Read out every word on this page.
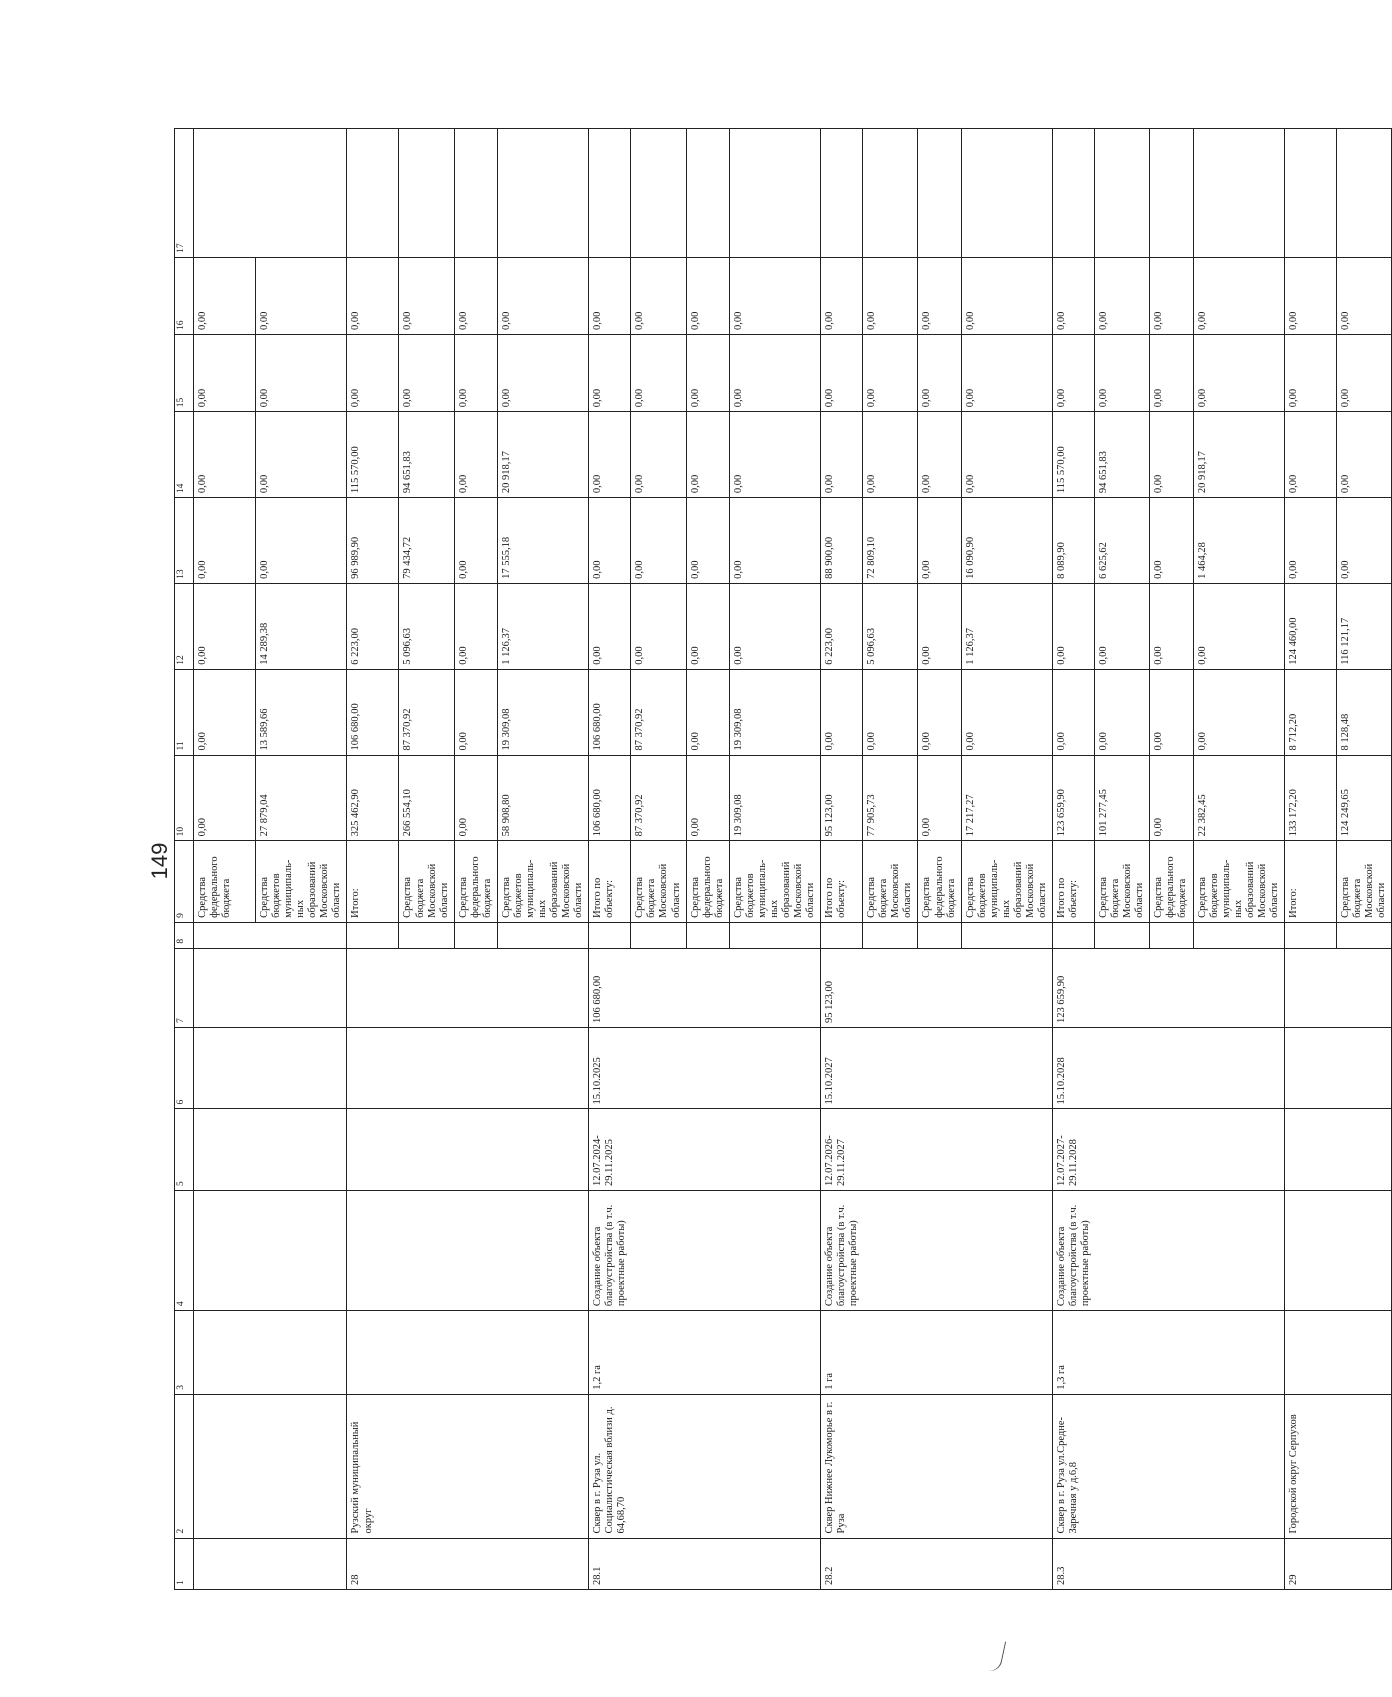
149
1	2	3	4	5	6	7	8	9	10	11	12	13	14	15	16	17
								Средства федерального бюджета	0,00	0,00	0,00	0,00	0,00	0,00	0,00	
								Средства бюджетов муниципаль-ных образований Московской области	27 879,04	13 589,66	14 289,38	0,00	0,00	0,00	0,00	
28	Рузский муниципальный округ							Итого:	325 462,90	106 680,00	6 223,00	96 989,90	115 570,00	0,00	0,00	
								Средства бюджета Московской области	266 554,10	87 370,92	5 096,63	79 434,72	94 651,83	0,00	0,00	
								Средства федерального бюджета	0,00	0,00	0,00	0,00	0,00	0,00	0,00	
								Средства бюджетов муниципаль-ных образований Московской области	58 908,80	19 309,08	1 126,37	17 555,18	20 918,17	0,00	0,00	
28.1	Сквер в г. Руза ул. Социалистическая вблизи д. 64,68,70	1,2 га	Создание объекта благоустройства (в т.ч. проектные работы)	12.07.2024- 29.11.2025	15.10.2025	106 680,00		Итого по объекту:	106 680,00	106 680,00	0,00	0,00	0,00	0,00	0,00	
								Средства бюджета Московской области	87 370,92	87 370,92	0,00	0,00	0,00	0,00	0,00	
								Средства федерального бюджета	0,00	0,00	0,00	0,00	0,00	0,00	0,00	
								Средства бюджетов муниципаль-ных образований Московской области	19 309,08	19 309,08	0,00	0,00	0,00	0,00	0,00	
28.2	Сквер Нижнее Лукоморье в г. Руза	1 га	Создание объекта благоустройства (в т.ч. проектные работы)	12.07.2026- 29.11.2027	15.10.2027	95 123,00		Итого по объекту:	95 123,00	0,00	6 223,00	88 900,00	0,00	0,00	0,00	
								Средства бюджета Московской области	77 905,73	0,00	5 096,63	72 809,10	0,00	0,00	0,00	
								Средства федерального бюджета	0,00	0,00	0,00	0,00	0,00	0,00	0,00	
								Средства бюджетов муниципаль-ных образований Московской области	17 217,27	0,00	1 126,37	16 090,90	0,00	0,00	0,00	
28.3	Сквер в г. Руза ул.Средне-Заречная у д.6,8	1,3 га	Создание объекта благоустройства (в т.ч. проектные работы)	12.07.2027- 29.11.2028	15.10.2028	123 659,90		Итого по объекту:	123 659,90	0,00	0,00	8 089,90	115 570,00	0,00	0,00	
								Средства бюджета Московской области	101 277,45	0,00	0,00	6 625,62	94 651,83	0,00	0,00	
								Средства федерального бюджета	0,00	0,00	0,00	0,00	0,00	0,00	0,00	
								Средства бюджетов муниципаль-ных образований Московской области	22 382,45	0,00	0,00	1 464,28	20 918,17	0,00	0,00	
29	Городской округ Серпухов							Итого:	133 172,20	8 712,20	124 460,00	0,00	0,00	0,00	0,00	
								Средства бюджета Московской области	124 249,65	8 128,48	116 121,17	0,00	0,00	0,00	0,00	
